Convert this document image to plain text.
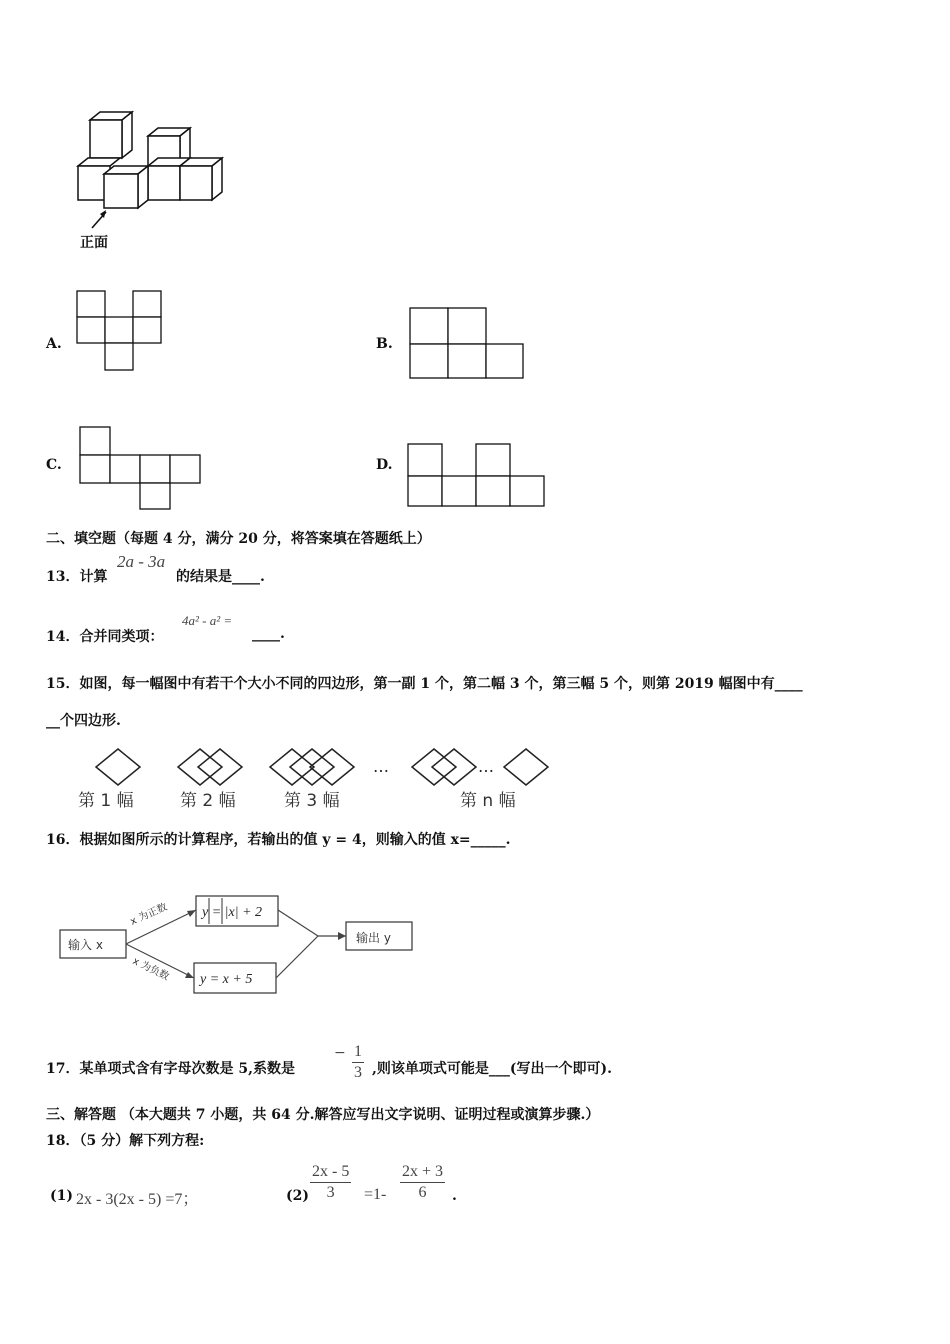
正面
A.	B.
C.	D.
二、填空题（每题 4 分，满分 20 分，将答案填在答题纸上）
13．计算
2a - 3a
的结果是____.
14．合并同类项：
4a² - a² =
____.
15．如图，每一幅图中有若干个大小不同的四边形，第一副 1 个，第二幅 3 个，第三幅 5 个，则第 2019 幅图中有____
__个四边形.
…	…
第 1 幅	第 2 幅	第 3 幅	第 n 幅
16．根据如图所示的计算程序，若输出的值 y = 4，则输入的值 x=_____.
输入 x
x 为正数
x 为负数
y = |x| + 2
y = x + 5
输出 y
17．某单项式含有字母次数是 5,系数是
− $\frac{1}{3}$ ,则该单项式可能是___(写出一个即可).
三、解答题 （本大题共 7 小题，共 64 分.解答应写出文字说明、证明过程或演算步骤.）
18．（5 分）解下列方程:
(1) 2x - 3(2x - 5) =7；	$(2) \frac{2x - 5}{3} =1- \frac{2x + 3}{6}$ .
